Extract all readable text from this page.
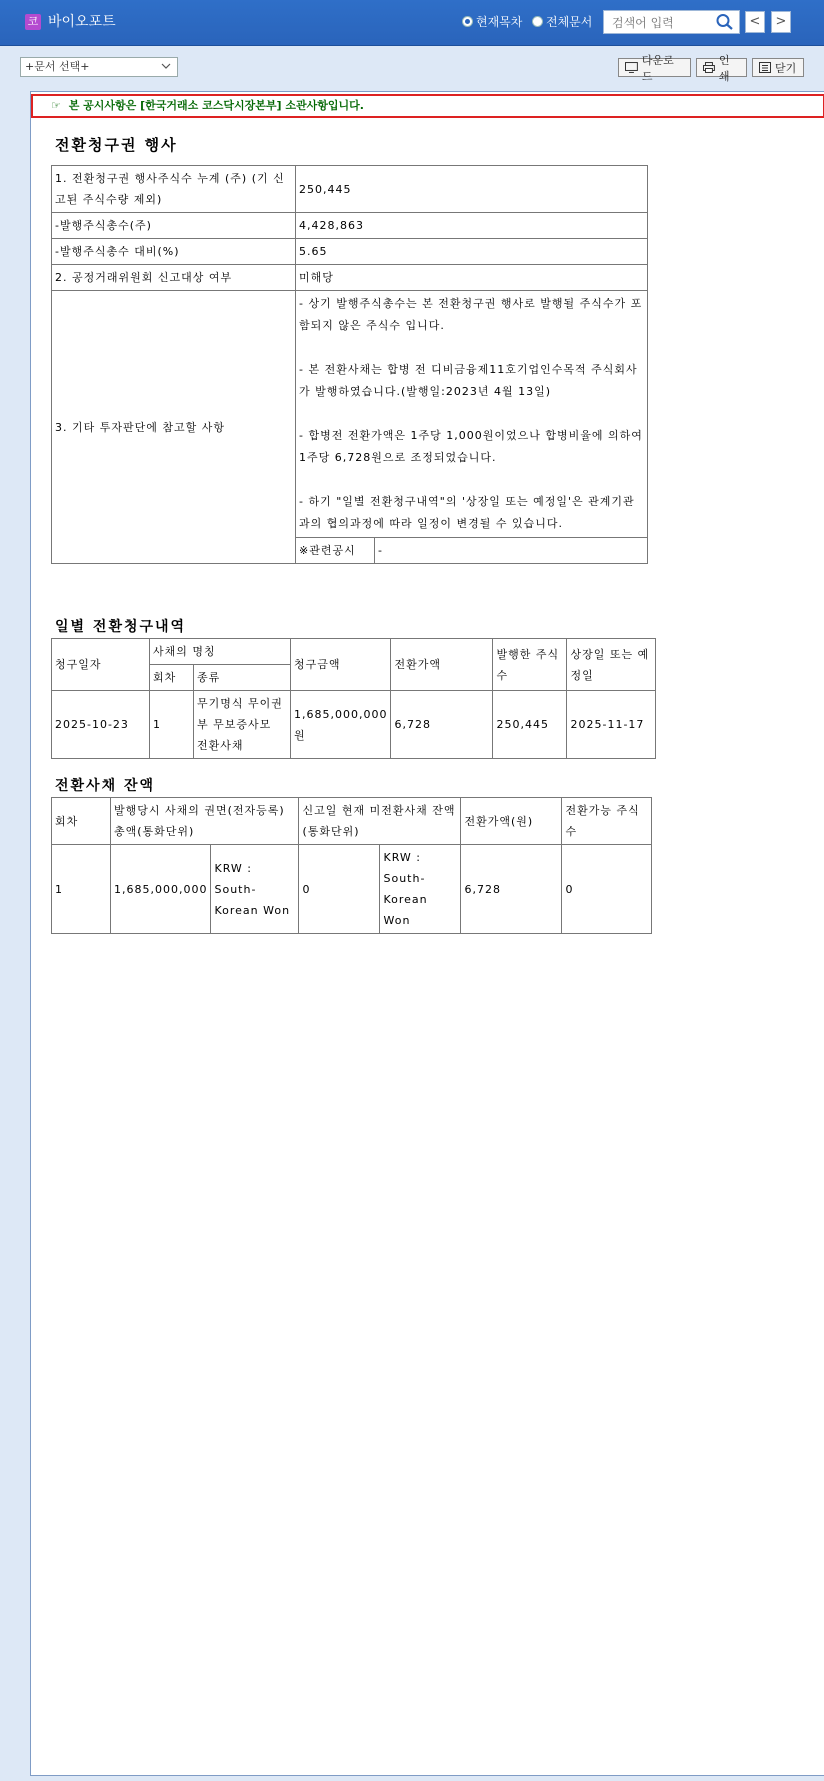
코 바이오포트	현재목차 전체문서
검색어 입력	<	>
+문서 선택+	다운로드
인쇄
닫기
☞ 본 공시사항은 [한국거래소 코스닥시장본부] 소관사항입니다.
전환청구권 행사
1. 전환청구권 행사주식수 누계 (주) (기 신고된 주식수량 제외)	250,445	
-발행주식총수(주)	4,428,863	
-발행주식총수 대비(%)	5.65	
2. 공정거래위원회 신고대상 여부	미해당	
3. 기타 투자판단에 참고할 사항	- 상기 발행주식총수는 본 전환청구권 행사로 발행될 주식수가 포함되지 않은 주식수 입니다.
- 본 전환사채는 합병 전 디비금융제11호기업인수목적 주식회사가 발행하였습니다.(발행일:2023년 4월 13일)
- 합병전 전환가액은 1주당 1,000원이었으나 합병비율에 의하여 1주당 6,728원으로 조정되었습니다.
- 하기 "일별 전환청구내역"의 '상장일 또는 예정일'은 관계기관과의 협의과정에 따라 일정이 변경될 수 있습니다.	

	※관련공시	-
일별 전환청구내역
청구일자	사채의 명칭		청구금액	전환가액	발행한 주식수	상장일 또는 예정일
	회차	종류				
2025-10-23	1	무기명식 무이권부 무보증사모 전환사채	1,685,000,000원	6,728	250,445	2025-11-17
전환사채 잔액
회차	발행당시 사채의 권면(전자등록)총액(통화단위)		신고일 현재 미전환사채 잔액 (통화단위)		전환가액(원)	전환가능 주식수
1	1,685,000,000	KRW : South-Korean Won	0	KRW : South-Korean Won	6,728	0
